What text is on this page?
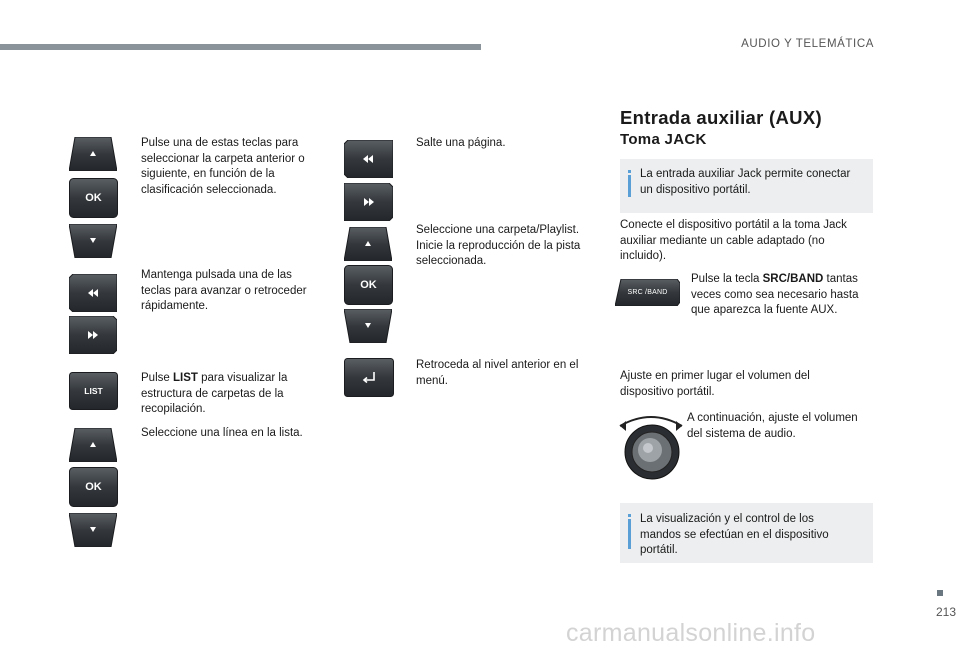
AUDIO Y TELEMÁTICA
OK
Pulse una de estas teclas para seleccionar la carpeta anterior o siguiente, en función de la clasificación seleccionada.
Mantenga pulsada una de las teclas para avanzar o retroceder rápidamente.
LIST
Pulse LIST para visualizar la estructura de carpetas de la recopilación.
OK
Seleccione una línea en la lista.
Salte una página.
OK
Seleccione una carpeta/Playlist. Inicie la reproducción de la pista seleccionada.
Retroceda al nivel anterior en el menú.
Entrada auxiliar (AUX)
Toma JACK
La entrada auxiliar Jack permite conectar un dispositivo portátil.
Conecte el dispositivo portátil a la toma Jack auxiliar mediante un cable adaptado (no incluido).
SRC /BAND
Pulse la tecla SRC/BAND tantas veces como sea necesario hasta que aparezca la fuente AUX.
Ajuste en primer lugar el volumen del dispositivo portátil.
A continuación, ajuste el volumen del sistema de audio.
La visualización y el control de los mandos se efectúan en el dispositivo portátil.
213
carmanualsonline.info
